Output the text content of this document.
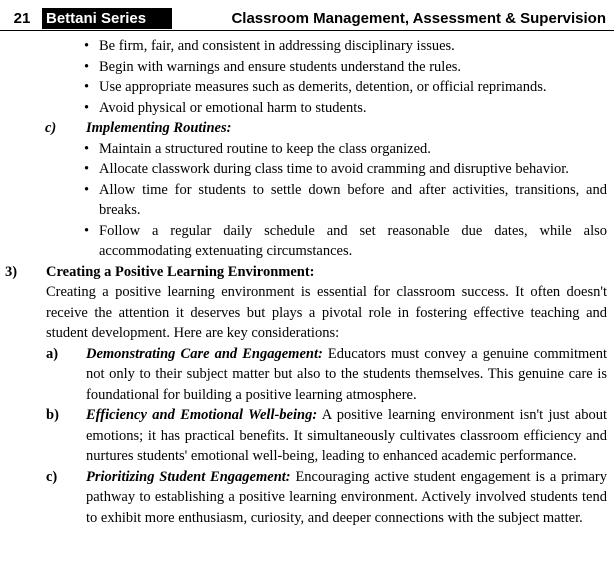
21	Bettani Series	Classroom Management, Assessment & Supervision
• Be firm, fair, and consistent in addressing disciplinary issues.
• Begin with warnings and ensure students understand the rules.
• Use appropriate measures such as demerits, detention, or official reprimands.
• Avoid physical or emotional harm to students.
c) Implementing Routines:
• Maintain a structured routine to keep the class organized.
• Allocate classwork during class time to avoid cramming and disruptive behavior.
• Allow time for students to settle down before and after activities, transitions, and breaks.
• Follow a regular daily schedule and set reasonable due dates, while also accommodating extenuating circumstances.
3) Creating a Positive Learning Environment:
Creating a positive learning environment is essential for classroom success. It often doesn't receive the attention it deserves but plays a pivotal role in fostering effective teaching and student development. Here are key considerations:
a) Demonstrating Care and Engagement: Educators must convey a genuine commitment not only to their subject matter but also to the students themselves. This genuine care is foundational for building a positive learning atmosphere.
b) Efficiency and Emotional Well-being: A positive learning environment isn't just about emotions; it has practical benefits. It simultaneously cultivates classroom efficiency and nurtures students' emotional well-being, leading to enhanced academic performance.
c) Prioritizing Student Engagement: Encouraging active student engagement is a primary pathway to establishing a positive learning environment. Actively involved students tend to exhibit more enthusiasm, curiosity, and deeper connections with the subject matter.
